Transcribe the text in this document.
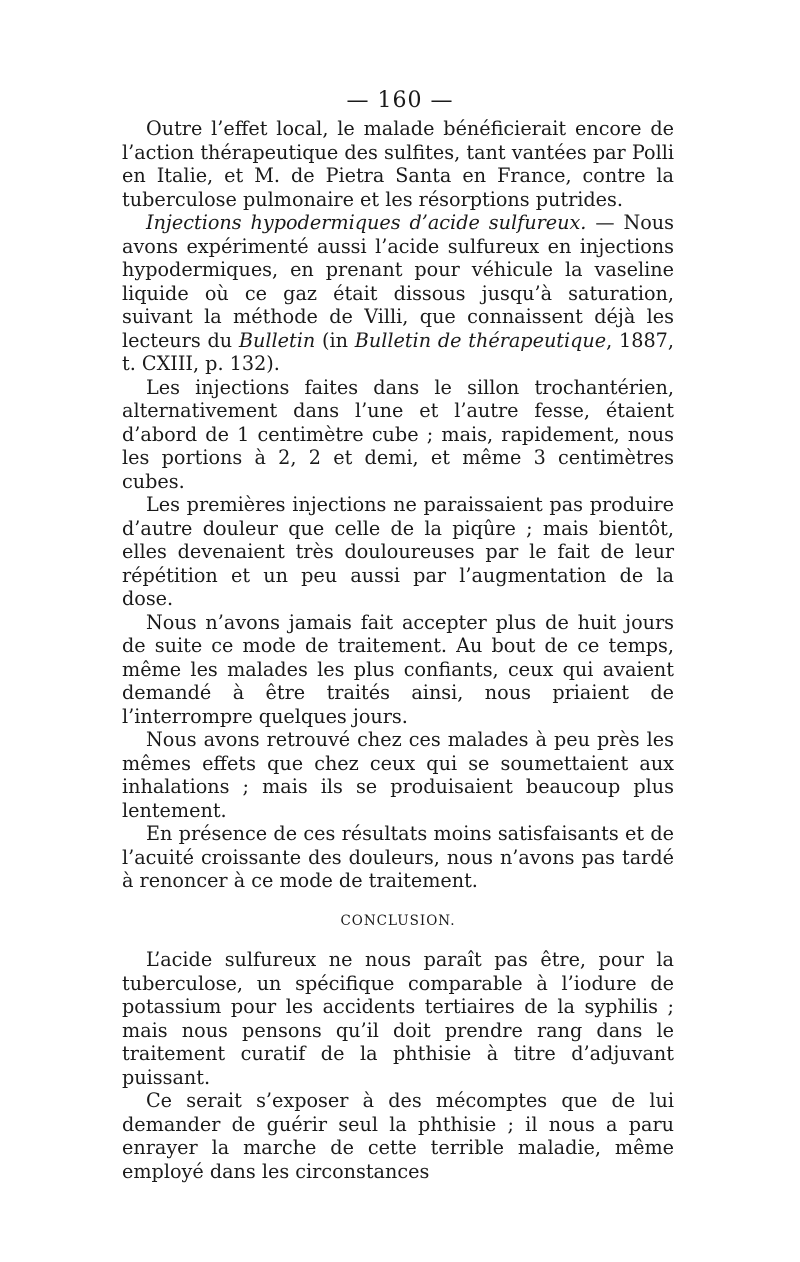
— 160 —

Outre l’effet local, le malade bénéficierait encore de l’action thérapeutique des sulfites, tant vantées par Polli en Italie, et M. de Pietra Santa en France, contre la tuberculose pulmonaire et les résorptions putrides.

Injections hypodermiques d’acide sulfureux. — Nous avons expérimenté aussi l’acide sulfureux en injections hypodermiques, en prenant pour véhicule la vaseline liquide où ce gaz était dissous jusqu’à saturation, suivant la méthode de Villi, que connaissent déjà les lecteurs du Bulletin (in Bulletin de thérapeutique, 1887, t. CXIII, p. 132).

Les injections faites dans le sillon trochantérien, alternativement dans l’une et l’autre fesse, étaient d’abord de 1 centimètre cube ; mais, rapidement, nous les portions à 2, 2 et demi, et même 3 centimètres cubes.

Les premières injections ne paraissaient pas produire d’autre douleur que celle de la piqûre ; mais bientôt, elles devenaient très douloureuses par le fait de leur répétition et un peu aussi par l’augmentation de la dose.

Nous n’avons jamais fait accepter plus de huit jours de suite ce mode de traitement. Au bout de ce temps, même les malades les plus confiants, ceux qui avaient demandé à être traités ainsi, nous priaient de l’interrompre quelques jours.

Nous avons retrouvé chez ces malades à peu près les mêmes effets que chez ceux qui se soumettaient aux inhalations ; mais ils se produisaient beaucoup plus lentement.

En présence de ces résultats moins satisfaisants et de l’acuité croissante des douleurs, nous n’avons pas tardé à renoncer à ce mode de traitement.

CONCLUSION.

L’acide sulfureux ne nous paraît pas être, pour la tuberculose, un spécifique comparable à l’iodure de potassium pour les accidents tertiaires de la syphilis ; mais nous pensons qu’il doit prendre rang dans le traitement curatif de la phthisie à titre d’adjuvant puissant.

Ce serait s’exposer à des mécomptes que de lui demander de guérir seul la phthisie ; il nous a paru enrayer la marche de cette terrible maladie, même employé dans les circonstances
